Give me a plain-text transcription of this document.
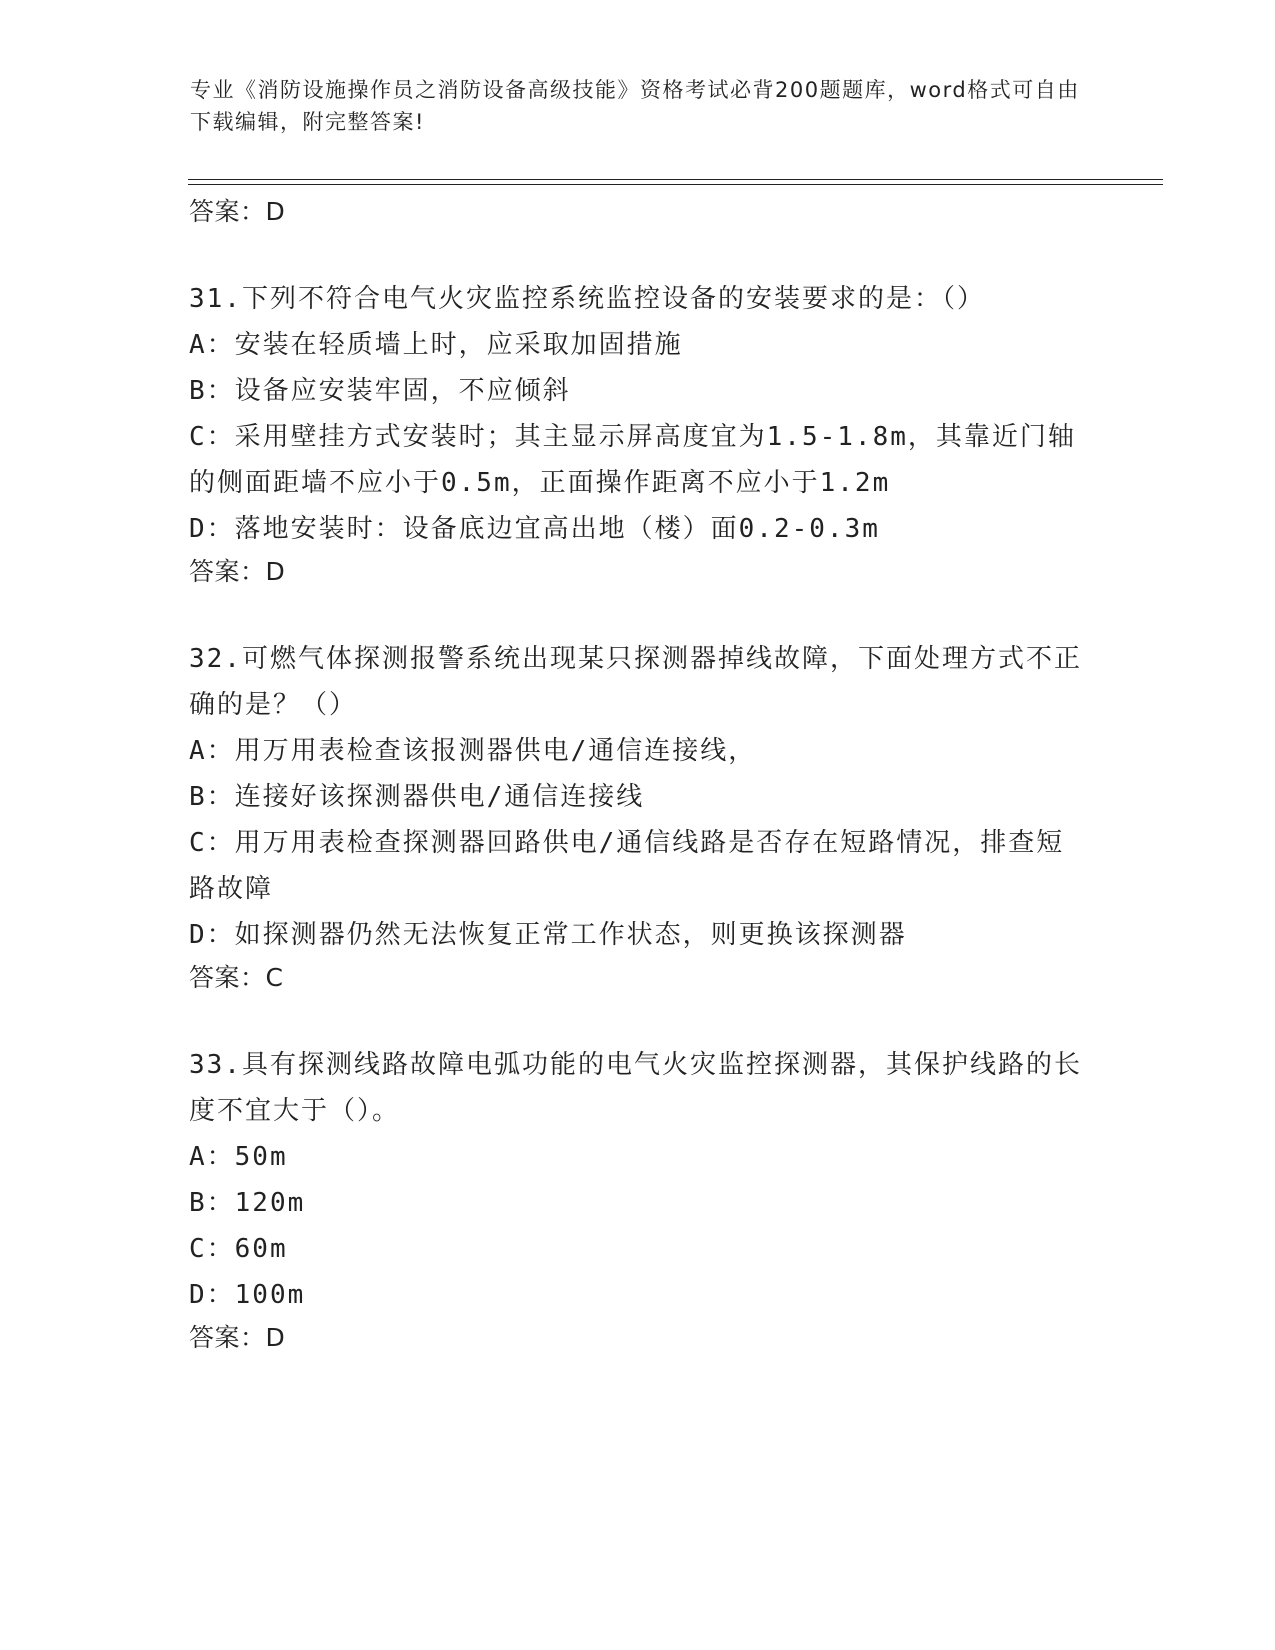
专业《消防设施操作员之消防设备高级技能》资格考试必背200题题库，word格式可自由下载编辑，附完整答案!

答案：D

31.下列不符合电气火灾监控系统监控设备的安装要求的是：（）

A：安装在轻质墙上时，应采取加固措施

B：设备应安装牢固，不应倾斜

C：采用壁挂方式安装时；其主显示屏高度宜为1.5-1.8m，其靠近门轴的侧面距墙不应小于0.5m，正面操作距离不应小于1.2m

D：落地安装时：设备底边宜高出地（楼）面0.2-0.3m

答案：D

32.可燃气体探测报警系统出现某只探测器掉线故障，下面处理方式不正确的是？（）

A：用万用表检查该报测器供电/通信连接线，

B：连接好该探测器供电/通信连接线

C：用万用表检查探测器回路供电/通信线路是否存在短路情况，排查短路故障

D：如探测器仍然无法恢复正常工作状态，则更换该探测器

答案：C

33.具有探测线路故障电弧功能的电气火灾监控探测器，其保护线路的长度不宜大于（）。

A：50m

B：120m

C：60m

D：100m

答案：D
